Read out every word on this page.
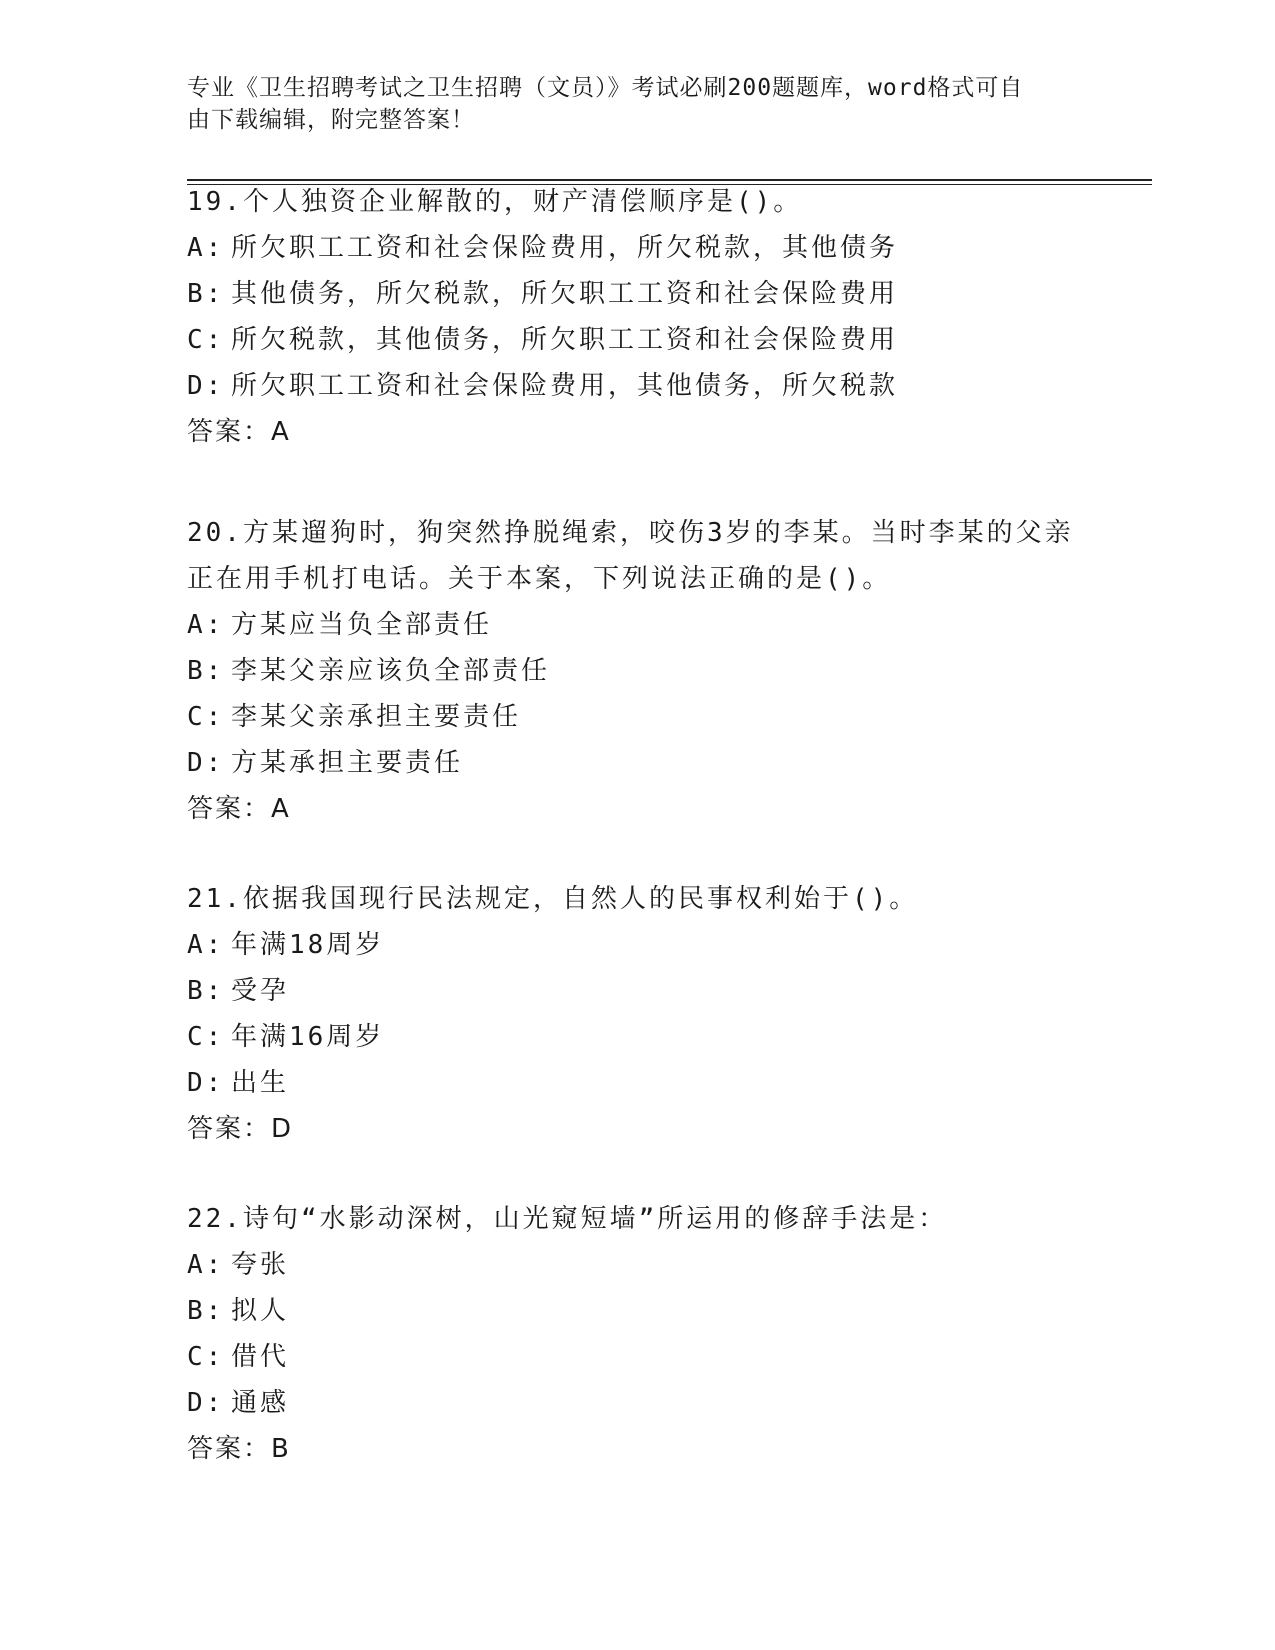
专业《卫生招聘考试之卫生招聘（文员）》考试必刷200题题库，word格式可自
由下载编辑，附完整答案！
19.个人独资企业解散的，财产清偿顺序是()。
A: 所欠职工工资和社会保险费用，所欠税款，其他债务
B: 其他债务，所欠税款，所欠职工工资和社会保险费用
C: 所欠税款，其他债务，所欠职工工资和社会保险费用
D: 所欠职工工资和社会保险费用，其他债务，所欠税款
答案：A
20.方某遛狗时，狗突然挣脱绳索，咬伤3岁的李某。当时李某的父亲
正在用手机打电话。关于本案，下列说法正确的是()。
A: 方某应当负全部责任
B: 李某父亲应该负全部责任
C: 李某父亲承担主要责任
D: 方某承担主要责任
答案：A
21.依据我国现行民法规定，自然人的民事权利始于()。
A: 年满18周岁
B: 受孕
C: 年满16周岁
D: 出生
答案：D
22.诗句“水影动深树，山光窥短墙”所运用的修辞手法是：
A: 夸张
B: 拟人
C: 借代
D: 通感
答案：B
